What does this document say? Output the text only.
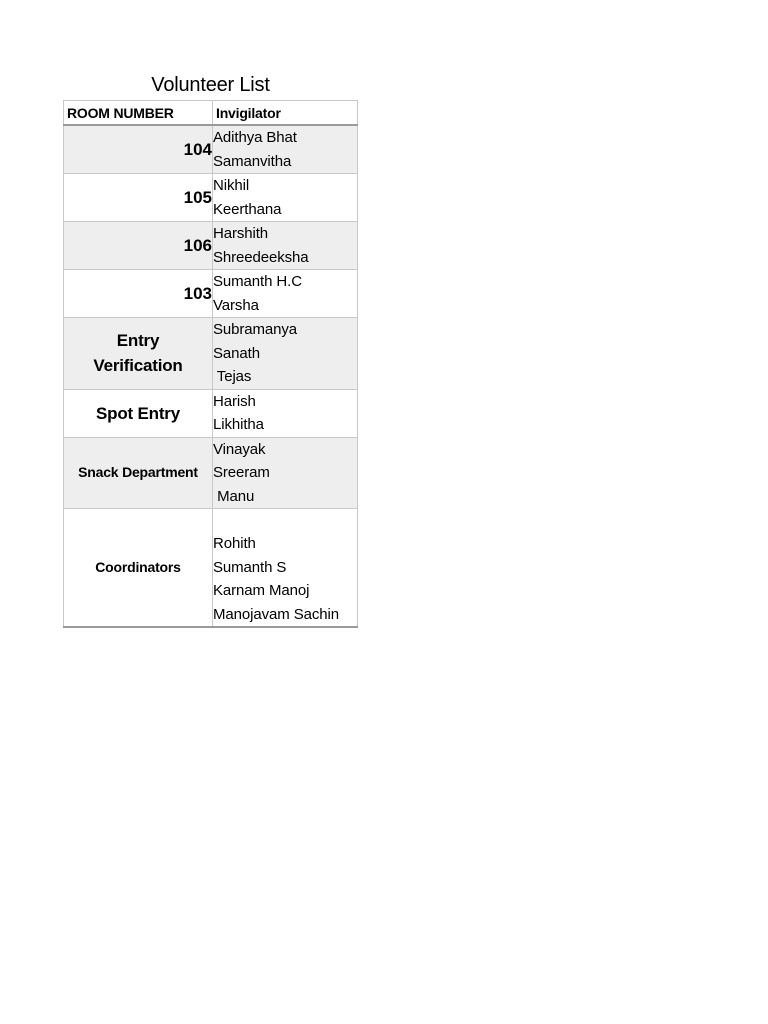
Volunteer List
ROOM NUMBER	Invigilator
104	Adithya Bhat
Samanvitha

105	Nikhil
Keerthana

106	Harshith
Shreedeeksha

103	Sumanth H.C
Varsha

Entry Verification	Subramanya
Sanath
Tejas

Spot Entry	Harish
Likhitha

Snack Department	Vinayak
Sreeram
Manu

Coordinators	Rohith
Sumanth S
Karnam Manoj
Manojavam Sachin
